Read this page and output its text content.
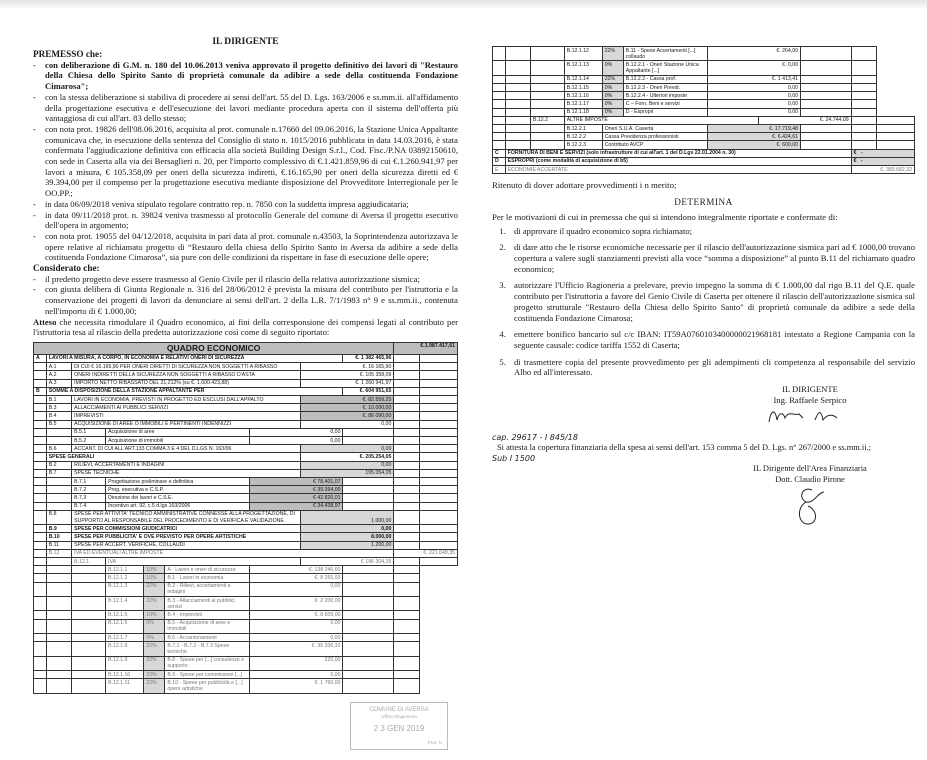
IL DIRIGENTE

PREMESSO che:

- con deliberazione di G.M. n. 180 del 10.06.2013 veniva approvato il progetto definitivo dei lavori di "Restauro della Chiesa dello Spirito Santo di proprietà comunale da adibire a sede della costituenda Fondazione Cimarosa";

- con la stessa deliberazione si stabiliva di procedere ai sensi dell'art. 55 del D. Lgs. 163/2006 e ss.mm.ii. all'affidamento della progettazione esecutiva e dell'esecuzione dei lavori mediante procedura aperta con il sistema dell'offerta più vantaggiosa di cui all'art. 83 dello stesso;

- con nota prot. 19826 dell'08.06.2016, acquisita al prot. comunale n.17660 del 09.06.2016, la Stazione Unica Appaltante comunicava che, in esecuzione della sentenza del Consiglio di stato n. 1015/2016 pubblicata in data 14.03.2016, è stata confermata l'aggiudicazione definitiva con efficacia alla società Building Design S.r.l., Cod. Fisc./P.NA 03892150610, con sede in Caserta alla via dei Bersaglieri n. 20, per l'importo complessivo di €.1.421.859,96 di cui €.1.260.941,97 per lavori a misura, € 105.358,09 per oneri della sicurezza indiretti, €.16.165,90 per oneri della sicurezza diretti ed € 39.394,00 per il compenso per la progettazione esecutiva mediante disposizione del Provveditore Interregionale per le OO.PP.;

- in data 06/09/2018 veniva stipulato regolare contratto rep. n. 7850 con la suddetta impresa aggiudicataria;

- in data 09/11/2018 prot. n. 39824 veniva trasmesso al protocollo Generale del comune di Aversa il progetto esecutivo dell'opera in argomento;

- con nota prot. 19055 del 04/12/2018, acquisita in pari data al prot. comunale n.43503, la Soprintendenza autorizzava le opere relative al richiamato progetto di “Restauro della chiesa dello Spirito Santo in Aversa da adibire a sede della costituenda Fondazione Cimarosa”, sia pure con delle condizioni da rispettare in fase di esecuzione delle opere;

Considerato che:

- il predetto progetto deve essere trasmesso al Genio Civile per il rilascio della relativa autorizzazione sismica;

- con giusta delibera di Giunta Regionale n. 316 del 28/06/2012 è prevista la misura del contributo per l'istruttoria e la conservazione dei progetti di lavori da denunciare ai sensi dell'art. 2 della L.R. 7/1/1983 n° 9 e ss.mm.ii., contenuta nell'importo di € 1.000,00;

Atteso che necessita rimodulare il Quadro economico, ai fini della corresponsione dei compensi legati al contributo per l'istruttoria tesa al rilascio della predetta autorizzazione così come di seguito riportato:

QUADRO ECONOMICO									€.1.987.417,61	
A	LAVORI A MISURA, A CORPO, IN ECONOMIA E RELATIVI ONERI DI SICUREZZA							€. 1 382 465,96		
	A.1	DI CUI € 16.165,90 PER ONERI DIRETTI DI SICUREZZA NON SOGGETTI A RIBASSO					€. 16 165,90			
	A.2	ONERI INDIRETTI DELLA SICUREZZA NON SOGGETTI A RIBASSO D'ASTA					€. 105 358,09			
	A.3	IMPORTO NETTO RIBASSATO DEL 21,212% (su €. 1.600.423,88)					€. 1 260 941,97			
B	SOMME A DISPOSIZIONE DELLA STAZIONE APPALTANTE PER							€. 604 951,65		
	B.1	LAVORI IN ECONOMIA, PREVISTI IN PROGETTO ED ESCLUSI DALL'APPALTO					€. 82.559,25			
	B.3	ALLACCIAMENTI AI PUBBLICI SERVIZI					€. 10.000,00			
	B.4	IMPREVISTI					€. 86 090,00			
	B.5	ACQUISIZIONE DI AREE O IMMOBILI E PERTINENTI INDENNIZZI					0,00			
		B.5.1	Acquisizione di aree			0,00				
		B.5.2	Acquisizione di immobili			0,00				
	B.6	ACCANT. DI CUI ALL'ART.133 COMMA 3 E 4 DEL D.LGS N. 163/06					0,00			
	SPESE GENERALI						€. 205.254,05			
	B.2	RILIEVI, ACCERTAMENTI E INDAGINI					0,00			
	B.7	SPESE TECNICHE					195.054,05			
		B.7.1	Progettazione preliminare e definitiva			€ 78.401,07				
		B.7.2	Prog. esecutiva e C.S.P.			€ 39.394,00				
		B.7.3	Direzione dei lavori e C.S.E.			€ 42.820,01				
		B.7.4	Incentivo art. 92, c.5 d.lgs 163/2006			€ 34.438,97				
	B.8	SPESE PER ATTIVITA' TECNICO AMMINISTRATIVE CONNESSE ALLA PROGETTAZIONE, DI SUPPORTO AL RESPONSABILE DEL PROCEDIMENTO E DI VERIFICA E VALIDAZIONE					1.000,00			
	B.9	SPESE PER COMMISSIONI GIUDICATRICI					0,00			
	B.10	SPESE PER PUBBLICITA' E OVE PREVISTO PER OPERE ARTISTICHE					8.000,00			
	B.11	SPESE PER ACCERT. VERIFICHE, COLLAUDI					1.200,00			
	B.12	IVA ED EVENTUALI ALTRE IMPOSTE							€. 221.048,35	
		B.12.1	IVA				€ 196 304,26			
			B.12.1.1	10%	A - Lavori e oneri di sicurezza	€. 138 246,60				
			B.12.1.2	10%	B.1 - Lavori in economia	€. 8 255,93				
			B.12.1.3	22%	B.2 - Rilievi, accertamenti e indagini	0,00				
			B.12.1.4	22%	B.3 - Allacciamenti ai pubblici servizi	€. 2 200,00				
			B.12.1.5	10%	B.4 - Imprevisti	€. 8 609,00				
			B.12.1.6	0%	B.5 - Acquisizione di aree e immobili	0,00				
			B.12.1.7	0%	B.6 - Accantonamenti	0,00				
			B.12.1.8	22%	B.7.1 - B.7.2 - B.7.3 Spese tecniche	€. 35 336,32				
			B.12.1.9	22%	B.8 - Spese per [...] consulenze e supporto	220,00				
			B.12.1.10	22%	B.9 - Spese per commissioni [...]	0,00				
			B.12.1.11	22%	B.10 - Spese per pubblicità e [...] opere artistiche	€. 1 760,00				
COMUNE DI AVERSA
Ufficio Ragioneria
2 3 GEN 2019
Prot. N.
			B.12.1.12	22%	B.11 - Spese Accertamenti [...] collaudo	€. 264,00				
			B.12.1.13	0%	B.12.2.1 - Oneri Stazione Unica Appaltante [...]	€. 0,00				
			B.12.1.14	22%	B.12.2.2 - Cassa prof.	€. 1 413,41				
			B.12.1.15	0%	B.12.2.3 - Oneri Previd.	0,00				
			B.12.1.16	0%	B.12.2.4 - Ulteriori imposte	0,00				
			B.12.1.17	0%	C – Forn. Beni e servizi	0,00				
			B.12.1.18	0%	D - Espropri	0,00				
		B.12.2	ALTRE IMPOSTE				€. 24.744,09			
			B.12.2.1	Oneri S.U.A. Caserta		€. 17.719,48				
			B.12.2.2	Cassa Previdenza professionisti		€. 6.424,61				
			B.12.2.3	Contributo AVCP		€. 600,00				
C	FORNITURA DI BENI E SERVIZI (solo infrastrutture di cui all'art. 1 del D.Lgs 22.01.2004 n. 30)								€ -	
D	ESPROPRI (come modalità di acquisizione di b5)								€ -	
E	ECONOMIE ACCERTATE								€. 389.682,32	
Ritenuto di dover adottare provvedimenti i n merito;
DETERMINA
Per le motivazioni di cui in premessa che qui si intendono integralmente riportate e confermate di:
1. di approvare il quadro economico sopra richiamato;
2. di dare atto che le risorse economiche necessarie per il rilascio dell'autorizzazione sismica pari ad € 1000,00 trovano copertura a valere sugli stanziamenti previsti alla voce “somma a disposizione” al punto B.11 del richiamato quadro economico;
3. autorizzare l'Ufficio Ragioneria a prelevare, previo impegno la somma di € 1.000,00 dal rigo B.11 del Q.E. quale contributo per l'istruttoria a favore del Genio Civile di Caserta per ottenere il rilascio dell'autorizzazione sismica sul progetto strutturale "Restauro della Chiesa dello Spirito Santo" di proprietà comunale da adibire a sede della costituenda Fondazione Cimarosa;
4. emettere bonifico bancario sul c/c IBAN: IT59A0760103400000021968181 intestato a Regione Campania con la seguente causale: codice tariffa 1552 di Caserta;
5. di trasmettere copia del presente provvedimento per gli adempimenti cli competenza al responsabile del servizio Albo ed all'interessato.
IL DIRIGENTE
Ing. Raffaele Serpico
cap. 29617 - I 845/18
Si attesta la copertura finanziaria della spesa ai sensi dell'art. 153 comma 5 del D. Lgs. n° 267/2000 e ss.mm.ii.;
Sub I 1500
IL Dirigente dell'Area Finanziaria
Dott. Claudio Pirone
